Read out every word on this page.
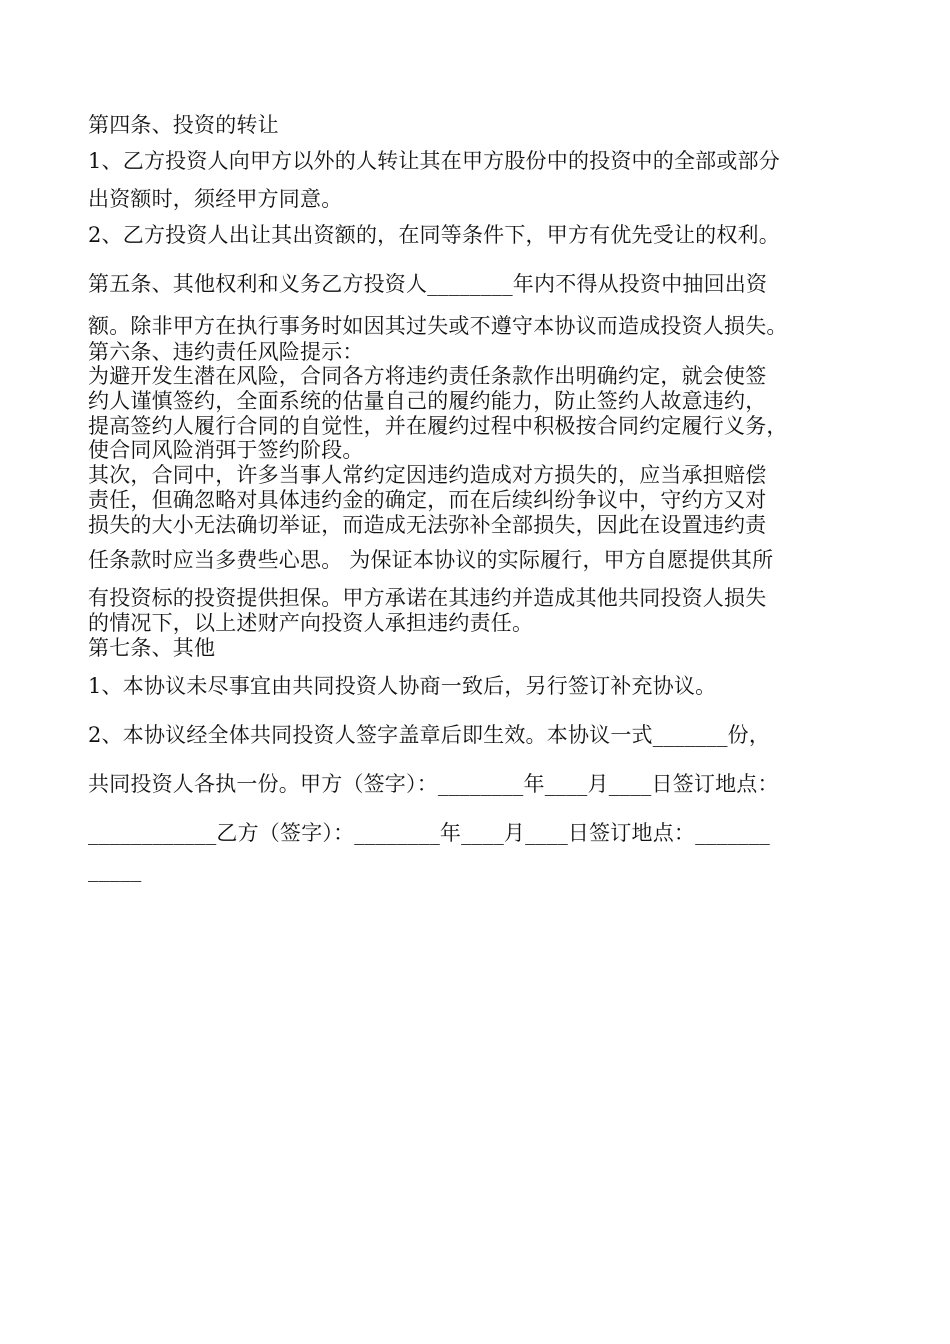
第四条、投资的转让
1、乙方投资人向甲方以外的人转让其在甲方股份中的投资中的全部或部分
出资额时，须经甲方同意。
2、乙方投资人出让其出资额的，在同等条件下，甲方有优先受让的权利。
第五条、其他权利和义务乙方投资人________年内不得从投资中抽回出资
额。除非甲方在执行事务时如因其过失或不遵守本协议而造成投资人损失。
第六条、违约责任风险提示：
为避开发生潜在风险，合同各方将违约责任条款作出明确约定，就会使签
约人谨慎签约，全面系统的估量自己的履约能力，防止签约人故意违约，
提高签约人履行合同的自觉性，并在履约过程中积极按合同约定履行义务，
使合同风险消弭于签约阶段。
其次，合同中，许多当事人常约定因违约造成对方损失的，应当承担赔偿
责任，但确忽略对具体违约金的确定，而在后续纠纷争议中，守约方又对
损失的大小无法确切举证，而造成无法弥补全部损失，因此在设置违约责
任条款时应当多费些心思。 为保证本协议的实际履行，甲方自愿提供其所
有投资标的投资提供担保。甲方承诺在其违约并造成其他共同投资人损失
的情况下，以上述财产向投资人承担违约责任。
第七条、其他
1、本协议未尽事宜由共同投资人协商一致后，另行签订补充协议。
2、本协议经全体共同投资人签字盖章后即生效。本协议一式_______份，
共同投资人各执一份。甲方（签字）：________年____月____日签订地点：
____________乙方（签字）：________年____月____日签订地点：_______
_____
